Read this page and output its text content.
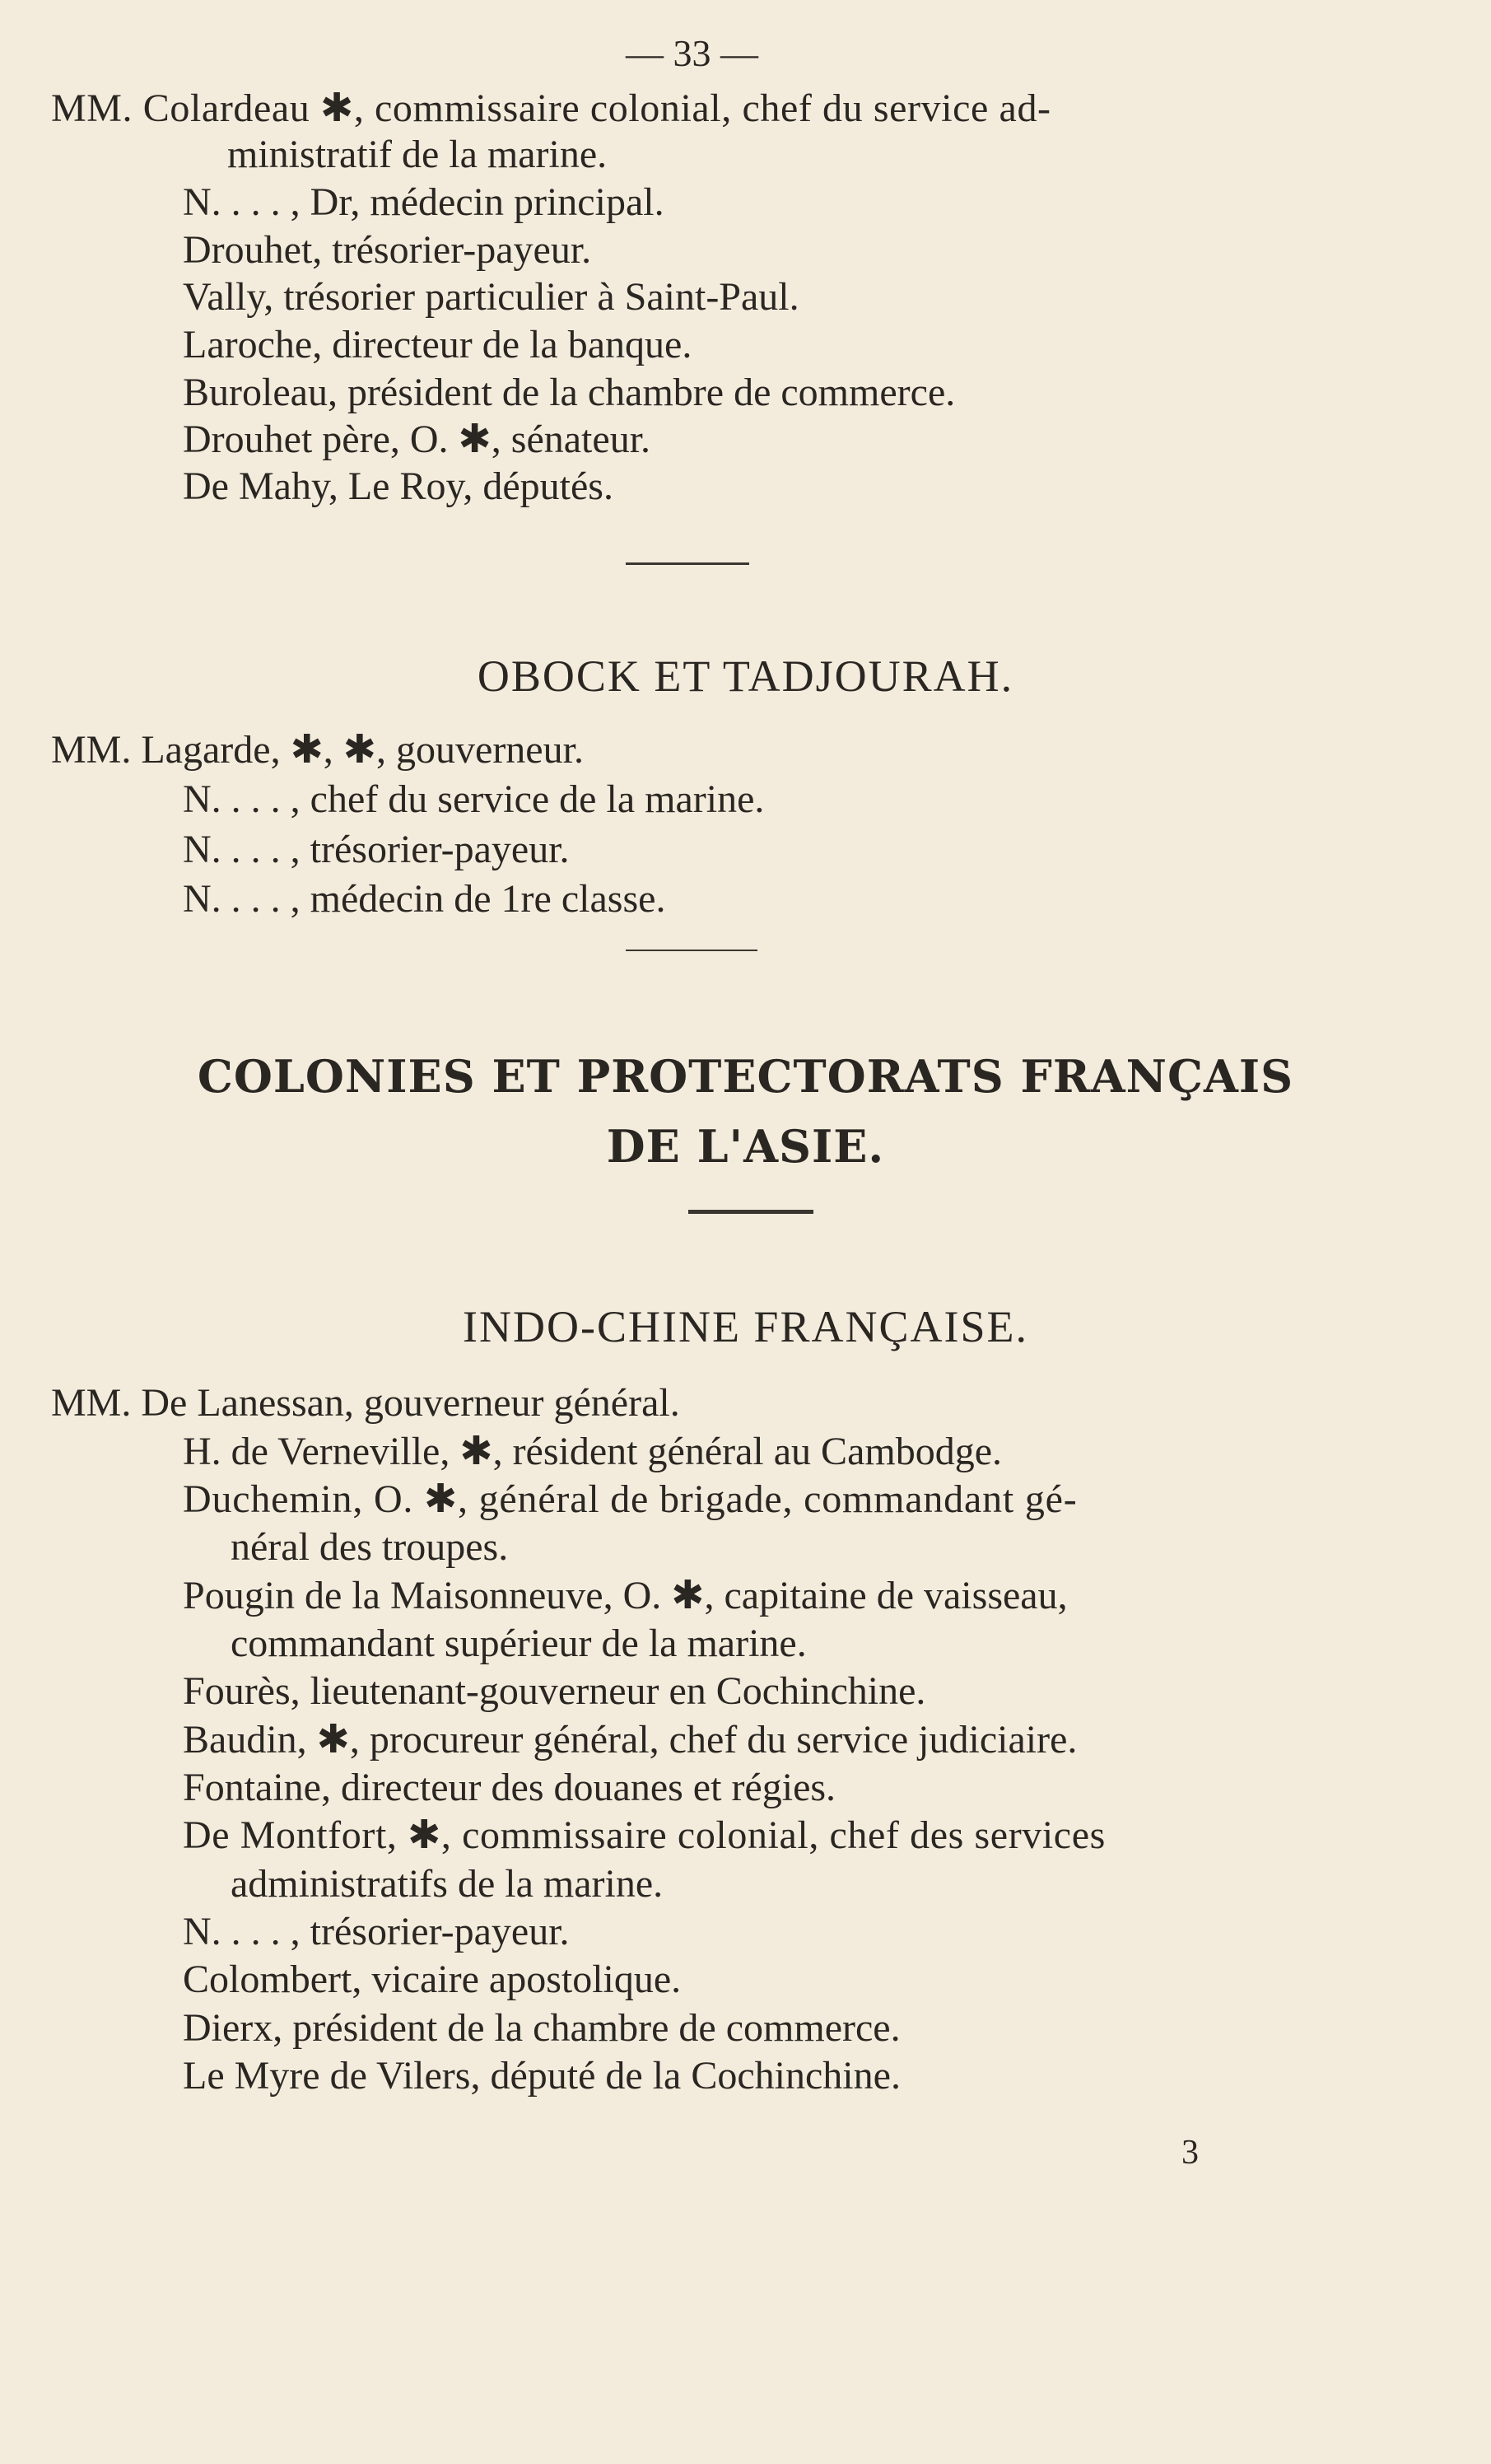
— 33 —
MM. Colardeau ✱, commissaire colonial, chef du service ad-
ministratif de la marine.
N. . . . , Dr, médecin principal.
Drouhet, trésorier-payeur.
Vally, trésorier particulier à Saint-Paul.
Laroche, directeur de la banque.
Buroleau, président de la chambre de commerce.
Drouhet père, O. ✱, sénateur.
De Mahy, Le Roy, députés.
OBOCK ET TADJOURAH.
MM. Lagarde, ✱, ✱, gouverneur.
N. . . . , chef du service de la marine.
N. . . . , trésorier-payeur.
N. . . . , médecin de 1re classe.
COLONIES ET PROTECTORATS FRANÇAIS
DE L'ASIE.
INDO-CHINE FRANÇAISE.
MM. De Lanessan, gouverneur général.
H. de Verneville, ✱, résident général au Cambodge.
Duchemin, O. ✱, général de brigade, commandant gé-
néral des troupes.
Pougin de la Maisonneuve, O. ✱, capitaine de vaisseau,
commandant supérieur de la marine.
Fourès, lieutenant-gouverneur en Cochinchine.
Baudin, ✱, procureur général, chef du service judiciaire.
Fontaine, directeur des douanes et régies.
De Montfort, ✱, commissaire colonial, chef des services
administratifs de la marine.
N. . . . , trésorier-payeur.
Colombert, vicaire apostolique.
Dierx, président de la chambre de commerce.
Le Myre de Vilers, député de la Cochinchine.
3
